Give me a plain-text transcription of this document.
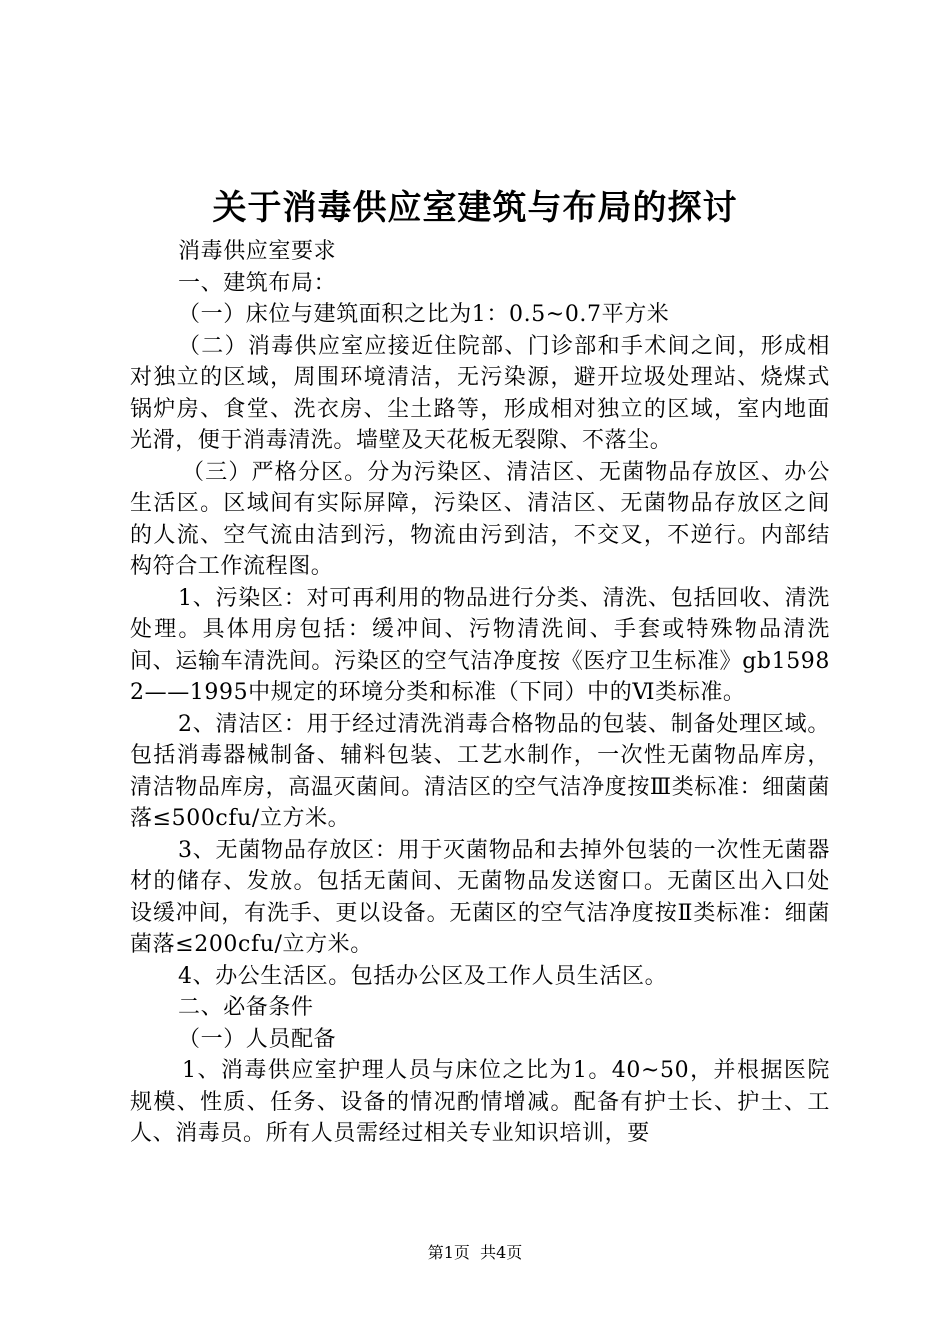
关于消毒供应室建筑与布局的探讨

消毒供应室要求

一、建筑布局：

（一）床位与建筑面积之比为1：0.5~0.7平方米

（二）消毒供应室应接近住院部、门诊部和手术间之间，形成相对独立的区域，周围环境清洁，无污染源，避开垃圾处理站、烧煤式锅炉房、食堂、洗衣房、尘土路等，形成相对独立的区域，室内地面光滑，便于消毒清洗。墙壁及天花板无裂隙、不落尘。

（三）严格分区。分为污染区、清洁区、无菌物品存放区、办公生活区。区域间有实际屏障，污染区、清洁区、无菌物品存放区之间的人流、空气流由洁到污，物流由污到洁，不交叉，不逆行。内部结构符合工作流程图。

1、污染区：对可再利用的物品进行分类、清洗、包括回收、清洗处理。具体用房包括：缓冲间、污物清洗间、手套或特殊物品清洗间、运输车清洗间。污染区的空气洁净度按《医疗卫生标准》gb15982——1995中规定的环境分类和标准（下同）中的Ⅵ类标准。

2、清洁区：用于经过清洗消毒合格物品的包装、制备处理区域。包括消毒器械制备、辅料包装、工艺水制作，一次性无菌物品库房，清洁物品库房，高温灭菌间。清洁区的空气洁净度按Ⅲ类标准：细菌菌落≤500cfu/立方米。

3、无菌物品存放区：用于灭菌物品和去掉外包装的一次性无菌器材的储存、发放。包括无菌间、无菌物品发送窗口。无菌区出入口处设缓冲间，有洗手、更以设备。无菌区的空气洁净度按Ⅱ类标准：细菌菌落≤200cfu/立方米。

4、办公生活区。包括办公区及工作人员生活区。

二、必备条件

（一）人员配备

1、消毒供应室护理人员与床位之比为1。40~50，并根据医院规模、性质、任务、设备的情况酌情增减。配备有护士长、护士、工人、消毒员。所有人员需经过相关专业知识培训，要

第1页  共4页
